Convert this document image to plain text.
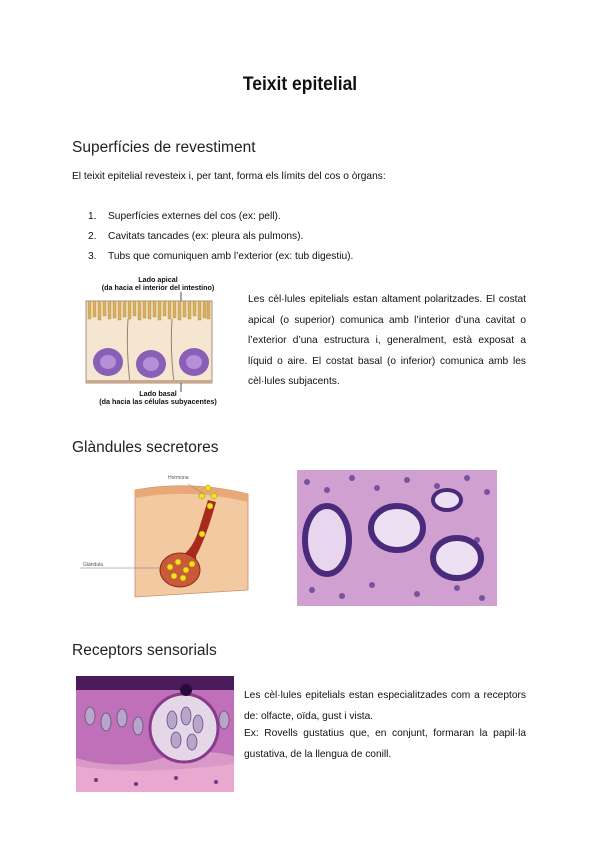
Teixit epitelial
Superfícies de revestiment
El teixit epitelial revesteix i, per tant, forma els límits del cos o òrgans:
1. Superfícies externes del cos (ex: pell).
2. Cavitats tancades (ex: pleura als pulmons).
3. Tubs que comuniquen amb l’exterior (ex: tub digestiu).
Lado apical
(da hacia el interior del intestino)
Lado basal
(da hacia las células subyacentes)
Les cèl·lules epitelials estan altament polaritzades. El costat apical (o superior) comunica amb l’interior d’una cavitat o l’exterior d’una estructura i, generalment, està exposat a líquid o aire. El costat basal (o inferior) comunica amb les cèl·lules subjacents.
Glàndules secretores
Hormona
Glándula
Receptors sensorials
Les cèl·lules epitelials estan especialitzades com a receptors de: olfacte, oïda, gust i vista.
Ex: Rovells gustatius que, en conjunt, formaran la papil·la gustativa, de la llengua de conill.
